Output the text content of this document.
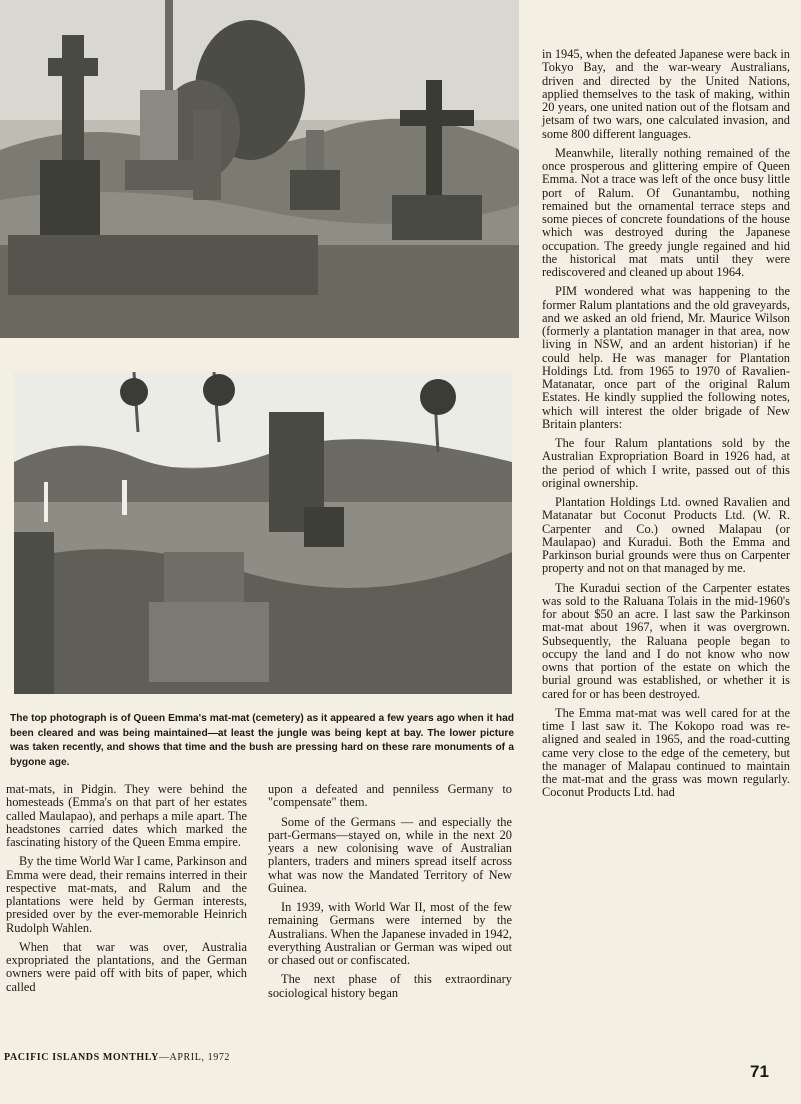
The top photograph is of Queen Emma's mat-mat (cemetery) as it appeared a few years ago when it had been cleared and was being maintained—at least the jungle was being kept at bay. The lower picture was taken recently, and shows that time and the bush are pressing hard on these rare monuments of a bygone age.

in 1945, when the defeated Japanese were back in Tokyo Bay, and the war-weary Australians, driven and directed by the United Nations, applied themselves to the task of making, within 20 years, one united nation out of the flotsam and jetsam of two wars, one calculated invasion, and some 800 different languages.

Meanwhile, literally nothing remained of the once prosperous and glittering empire of Queen Emma. Not a trace was left of the once busy little port of Ralum. Of Gunantambu, nothing remained but the ornamental terrace steps and some pieces of concrete foundations of the house which was destroyed during the Japanese occupation. The greedy jungle regained and hid the historical mat mats until they were rediscovered and cleaned up about 1964.

PIM wondered what was happening to the former Ralum plantations and the old graveyards, and we asked an old friend, Mr. Maurice Wilson (formerly a plantation manager in that area, now living in NSW, and an ardent historian) if he could help. He was manager for Plantation Holdings Ltd. from 1965 to 1970 of Ravalien-Matanatar, once part of the original Ralum Estates. He kindly supplied the following notes, which will interest the older brigade of New Britain planters:

The four Ralum plantations sold by the Australian Expropriation Board in 1926 had, at the period of which I write, passed out of this original ownership.

Plantation Holdings Ltd. owned Ravalien and Matanatar but Coconut Products Ltd. (W. R. Carpenter and Co.) owned Malapau (or Maulapao) and Kuradui. Both the Emma and Parkinson burial grounds were thus on Carpenter property and not on that managed by me.

The Kuradui section of the Carpenter estates was sold to the Raluana Tolais in the mid-1960's for about $50 an acre. I last saw the Parkinson mat-mat about 1967, when it was overgrown. Subsequently, the Raluana people began to occupy the land and I do not know who now owns that portion of the estate on which the burial ground was established, or whether it is cared for or has been destroyed.

The Emma mat-mat was well cared for at the time I last saw it. The Kokopo road was re-aligned and sealed in 1965, and the road-cutting came very close to the edge of the cemetery, but the manager of Malapau continued to maintain the mat-mat and the grass was mown regularly. Coconut Products Ltd. had

mat-mats, in Pidgin. They were behind the homesteads (Emma's on that part of her estates called Maulapao), and perhaps a mile apart. The headstones carried dates which marked the fascinating history of the Queen Emma empire.

By the time World War I came, Parkinson and Emma were dead, their remains interred in their respective mat-mats, and Ralum and the plantations were held by German interests, presided over by the ever-memorable Heinrich Rudolph Wahlen.

When that war was over, Australia expropriated the plantations, and the German owners were paid off with bits of paper, which called

upon a defeated and penniless Germany to "compensate" them.

Some of the Germans — and especially the part-Germans—stayed on, while in the next 20 years a new colonising wave of Australian planters, traders and miners spread itself across what was now the Mandated Territory of New Guinea.

In 1939, with World War II, most of the few remaining Germans were interned by the Australians. When the Japanese invaded in 1942, everything Australian or German was wiped out or chased out or confiscated.

The next phase of this extraordinary sociological history began

PACIFIC ISLANDS MONTHLY—APRIL, 1972
71
